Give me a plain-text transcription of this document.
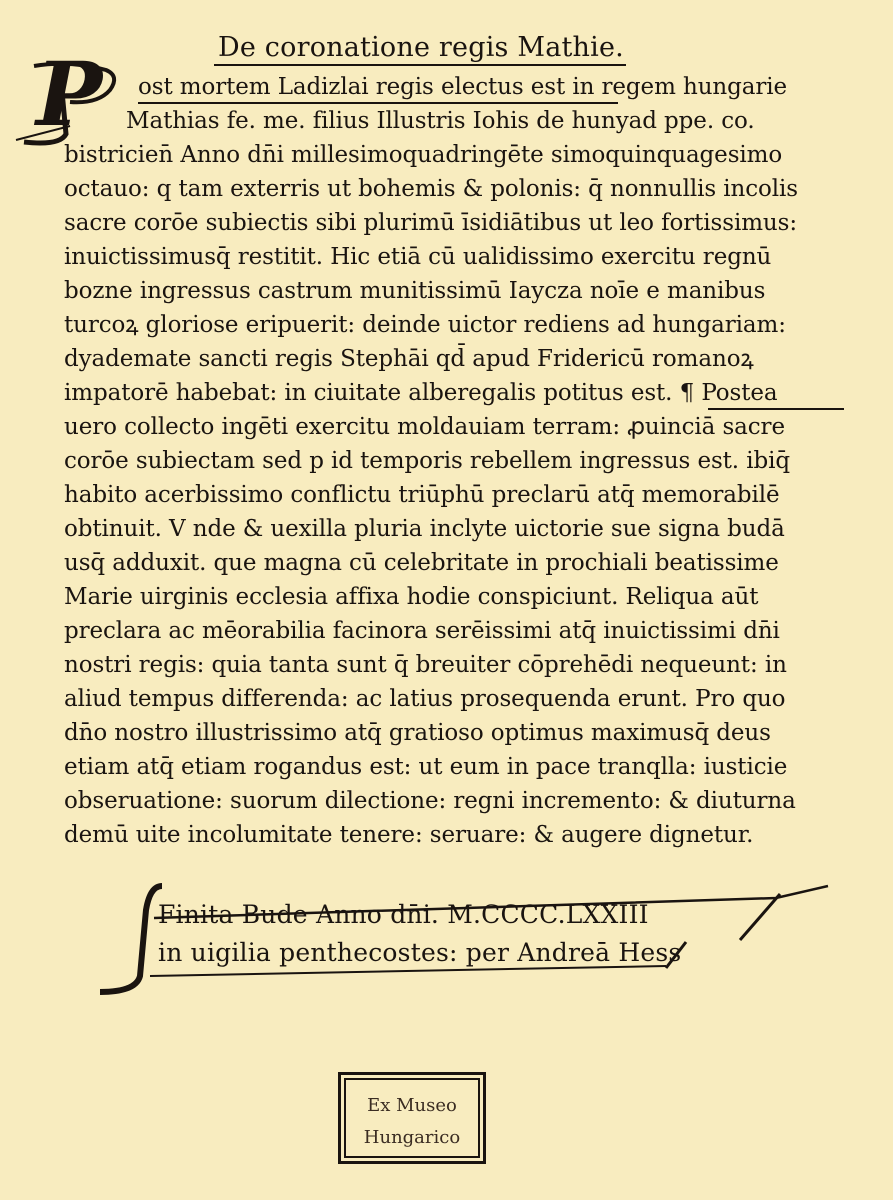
De coronatione regis Mathie.
P ost mortem Ladizlai regis electus est in regem hungarie
Mathias fe. me. filius Illustris Iohis de hunyad ppe. co.
bistricien̄ Anno dn̄i millesimoquadringēte simoquinquagesimo
octauo: q tam exterris ut bohemis & polonis: q̄ nonnullis incolis
sacre corōe subiectis sibi plurimū īsidiātibus ut leo fortissimus:
inuictissimusq̄ restitit. Hic etiā cū ualidissimo exercitu regnū
bozne ingressus castrum munitissimū Iaycza noīe e manibus
turcoꝝ gloriose eripuerit: deinde uictor rediens ad hungariam:
dyademate sancti regis Stephāi qd̄ apud Fridericū romanoꝝ
impatorē habebat: in ciuitate alberegalis potitus est. ¶ Postea
uero collecto ingēti exercitu moldauiam terram: ꝓuinciā sacre
corōe subiectam sed p id temporis rebellem ingressus est. ibiq̄
habito acerbissimo conflictu triūphū preclarū atq̄ memorabilē
obtinuit. V nde & uexilla pluria inclyte uictorie sue signa budā
usq̄ adduxit. que magna cū celebritate in prochiali beatissime
Marie uirginis ecclesia affixa hodie conspiciunt. Reliqua aūt
preclara ac mēorabilia facinora serēissimi atq̄ inuictissimi dn̄i
nostri regis: quia tanta sunt q̄ breuiter cōprehēdi nequeunt: in
aliud tempus differenda: ac latius prosequenda erunt. Pro quo
dn̄o nostro illustrissimo atq̄ gratioso optimus maximusq̄ deus
etiam atq̄ etiam rogandus est: ut eum in pace tranqlla: iusticie
obseruatione: suorum dilectione: regni incremento: & diuturna
demū uite incolumitate tenere: seruare: & augere dignetur.
Finita Bude Anno dn̄i. M.CCCC.LXXIII
in uigilia penthecostes: per Andreā Hess
Ex Museo
Hungarico
